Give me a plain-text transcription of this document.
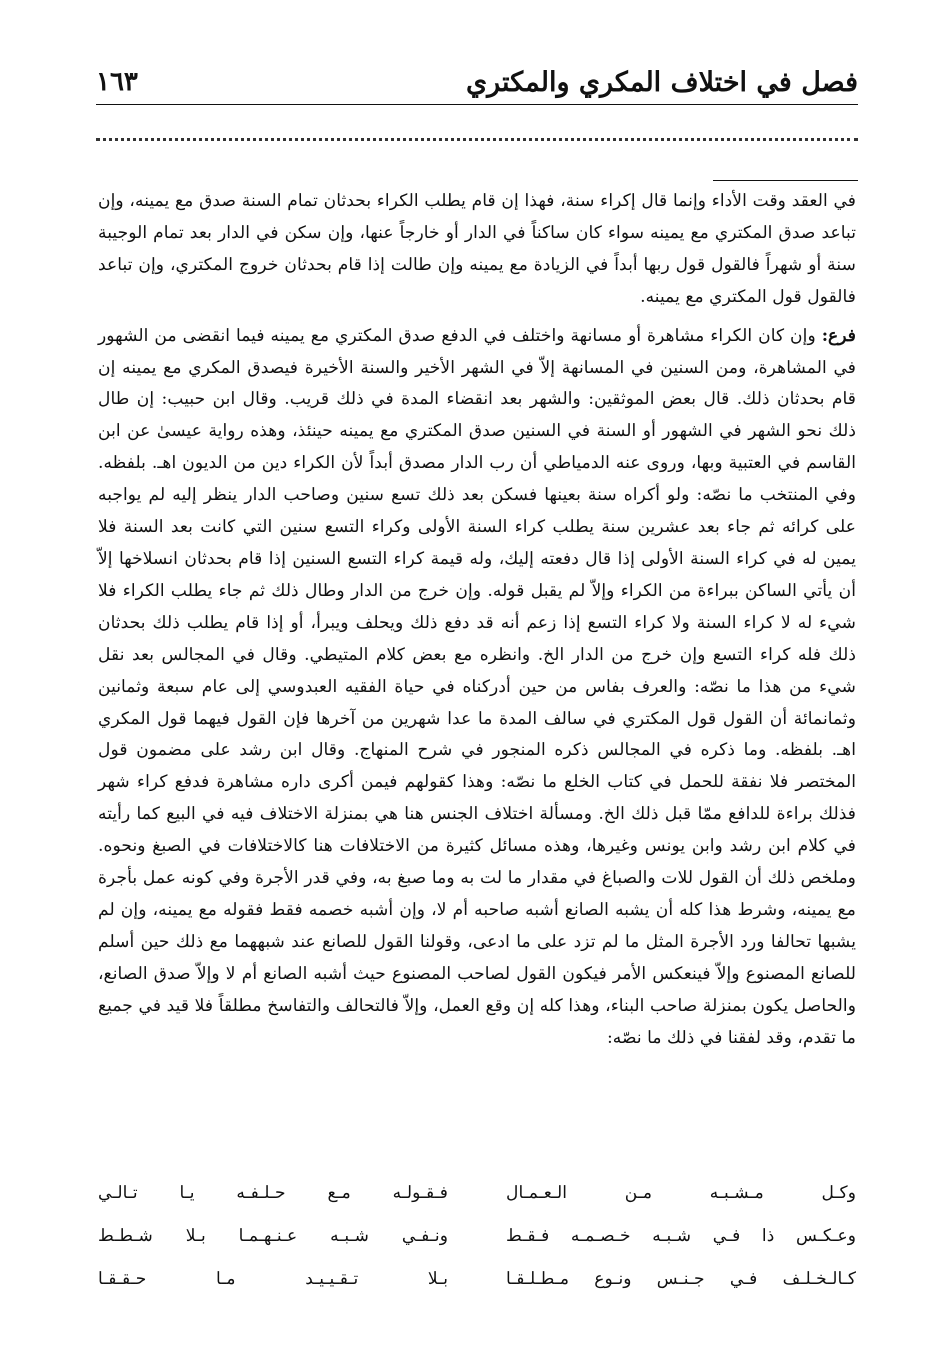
فصل في اختلاف المكري والمكتري
١٦٣

في العقد وقت الأداء وإنما قال إكراء سنة، فهذا إن قام يطلب الكراء بحدثان تمام السنة صدق مع يمينه، وإن تباعد صدق المكتري مع يمينه سواء كان ساكناً في الدار أو خارجاً عنها، وإن سكن في الدار بعد تمام الوجيبة سنة أو شهراً فالقول قول ربها أبداً في الزيادة مع يمينه وإن طالت إذا قام بحدثان خروج المكتري، وإن تباعد فالقول قول المكتري مع يمينه.

فرع: وإن كان الكراء مشاهرة أو مسانهة واختلف في الدفع صدق المكتري مع يمينه فيما انقضى من الشهور في المشاهرة، ومن السنين في المسانهة إلاّ في الشهر الأخير والسنة الأخيرة فيصدق المكري مع يمينه إن قام بحدثان ذلك. قال بعض الموثقين: والشهر بعد انقضاء المدة في ذلك قريب. وقال ابن حبيب: إن طال ذلك نحو الشهر في الشهور أو السنة في السنين صدق المكتري مع يمينه حينئذ، وهذه رواية عيسىٰ عن ابن القاسم في العتبية وبها، وروى عنه الدمياطي أن رب الدار مصدق أبداً لأن الكراء دين من الديون اهـ. بلفظه. وفي المنتخب ما نصّه: ولو أكراه سنة بعينها فسكن بعد ذلك تسع سنين وصاحب الدار ينظر إليه لم يواجبه على كرائه ثم جاء بعد عشرين سنة يطلب كراء السنة الأولى وكراء التسع سنين التي كانت بعد السنة فلا يمين له في كراء السنة الأولى إذا قال دفعته إليك، وله قيمة كراء التسع السنين إذا قام بحدثان انسلاخها إلاّ أن يأتي الساكن ببراءة من الكراء وإلاّ لم يقبل قوله. وإن خرج من الدار وطال ذلك ثم جاء يطلب الكراء فلا شيء له لا كراء السنة ولا كراء التسع إذا زعم أنه قد دفع ذلك ويحلف ويبرأ، أو إذا قام يطلب ذلك بحدثان ذلك فله كراء التسع وإن خرج من الدار الخ. وانظره مع بعض كلام المتيطي. وقال في المجالس بعد نقل شيء من هذا ما نصّه: والعرف بفاس من حين أدركناه في حياة الفقيه العبدوسي إلى عام سبعة وثمانين وثمانمائة أن القول قول المكتري في سالف المدة ما عدا شهرين من آخرها فإن القول فيهما قول المكري اهـ. بلفظه. وما ذكره في المجالس ذكره المنجور في شرح المنهاج. وقال ابن رشد على مضمون قول المختصر فلا نفقة للحمل في كتاب الخلع ما نصّه: وهذا كقولهم فيمن أكرى داره مشاهرة فدفع كراء شهر فذلك براءة للدافع ممّا قبل ذلك الخ. ومسألة اختلاف الجنس هنا هي بمنزلة الاختلاف فيه في البيع كما رأيته في كلام ابن رشد وابن يونس وغيرها، وهذه مسائل كثيرة من الاختلافات هنا كالاختلافات في الصبغ ونحوه. وملخص ذلك أن القول للات والصباغ في مقدار ما لت به وما صبغ به، وفي قدر الأجرة وفي كونه عمل بأجرة مع يمينه، وشرط هذا كله أن يشبه الصانع أشبه صاحبه أم لا، وإن أشبه خصمه فقط فقوله مع يمينه، وإن لم يشبها تحالفا ورد الأجرة المثل ما لم تزد على ما ادعى، وقولنا القول للصانع عند شبههما مع ذلك حين أسلم للصانع المصنوع وإلاّ فينعكس الأمر فيكون القول لصاحب المصنوع حيث أشبه الصانع أم لا وإلاّ صدق الصانع، والحاصل يكون بمنزلة صاحب البناء، وهذا كله إن وقع العمل، وإلاّ فالتحالف والتفاسخ مطلقاً فلا قيد في جميع ما تقدم، وقد لفقنا في ذلك ما نصّه:

وكـل مـشـبـه مـن الـعـمـال
فـقـولـه مـع حـلـفـه يـا تـالـي
وعـكـس ذا فـي شـبـه خـصـمـه فـقـط
ونـفـي شـبـه عـنـهـمـا بـلا شـطـط
كـالـخـلـف فـي جـنـس ونـوع مـطـلـقـا
بـلا تـقـيـيـد مـا حـقـقـا
